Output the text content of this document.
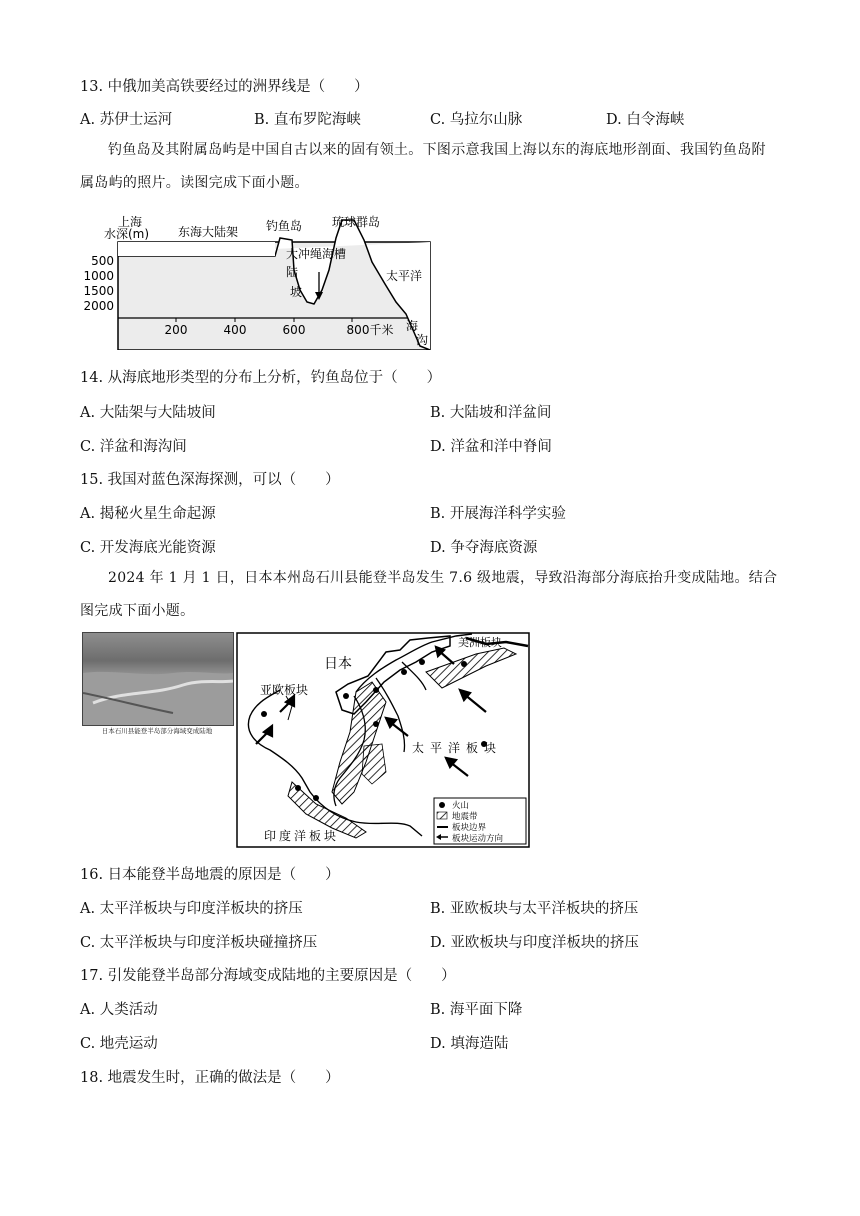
13. 中俄加美高铁要经过的洲界线是（　　）
A. 苏伊士运河	B. 直布罗陀海峡	C. 乌拉尔山脉	D. 白令海峡

钓鱼岛及其附属岛屿是中国自古以来的固有领土。下图示意我国上海以东的海底地形剖面、我国钓鱼岛附属岛屿的照片。读图完成下面小题。

上海
水深(m) 东海大陆架 钓鱼岛 琉球群岛
大冲绳海槽
陆
坡
太平洋
海
沟
500
1000
1500
2000
200	400	600	800千米
14. 从海底地形类型的分布上分析，钓鱼岛位于（　　）
A. 大陆架与大陆坡间	B. 大陆坡和洋盆间
C. 洋盆和海沟间	D. 洋盆和洋中脊间
15. 我国对蓝色深海探测，可以（　　）
A. 揭秘火星生命起源	B. 开展海洋科学实验
C. 开发海底光能资源	D. 争夺海底资源

2024 年 1 月 1 日，日本本州岛石川县能登半岛发生 7.6 级地震，导致沿海部分海底抬升变成陆地。结合图完成下面小题。

日本石川县能登半岛部分海域变成陆地
日本
美洲板块
亚欧板块
太平洋板块
印度洋板块
火山
地震带
板块边界
板块运动方向
16. 日本能登半岛地震的原因是（　　）
A. 太平洋板块与印度洋板块的挤压	B. 亚欧板块与太平洋板块的挤压
C. 太平洋板块与印度洋板块碰撞挤压	D. 亚欧板块与印度洋板块的挤压
17. 引发能登半岛部分海域变成陆地的主要原因是（　　）
A. 人类活动	B. 海平面下降
C. 地壳运动	D. 填海造陆
18. 地震发生时，正确的做法是（　　）
